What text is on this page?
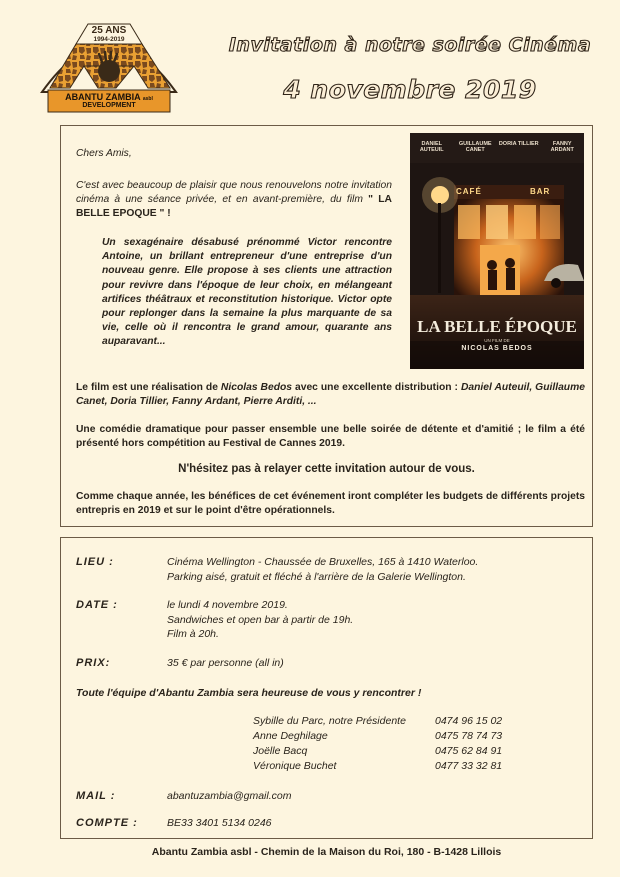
25 ANS
1994-2019
ABANTU ZAMBIA asbl
DEVELOPMENT
Invitation à notre soirée Cinéma
4 novembre 2019
Chers Amis,
C'est avec beaucoup de plaisir que nous renouvelons notre invitation cinéma à une séance privée, et en avant-première, du film " LA BELLE EPOQUE " !
Un sexagénaire désabusé prénommé Victor rencontre Antoine, un brillant entrepreneur d'une entreprise d'un nouveau genre. Elle propose à ses clients une attraction pour revivre dans l'époque de leur choix, en mélangeant artifices théâtraux et reconstitution historique. Victor opte pour replonger dans la semaine la plus marquante de sa vie, celle où il rencontra le grand amour, quarante ans auparavant...
DANIEL AUTEUIL
GUILLAUME CANET
DORIA TILLIER	FANNY ARDANT
CAFÉ	BAR
LA BELLE ÉPOQUE
UN FILM DE
NICOLAS BEDOS
Le film est une réalisation de Nicolas Bedos avec une excellente distribution : Daniel Auteuil, Guillaume Canet, Doria Tillier, Fanny Ardant, Pierre Arditi, ...
Une comédie dramatique pour passer ensemble une belle soirée de détente et d'amitié ; le film a été présenté hors compétition au Festival de Cannes 2019.
N'hésitez pas à relayer cette invitation autour de vous.
Comme chaque année, les bénéfices de cet événement iront compléter les budgets de différents projets entrepris en 2019 et sur le point d'être opérationnels.
LIEU :	Cinéma Wellington - Chaussée de Bruxelles, 165 à 1410 Waterloo.
Parking aisé, gratuit et fléché à l'arrière de la Galerie Wellington.
DATE :	le lundi 4 novembre 2019.
Sandwiches et open bar à partir de 19h.
Film à 20h.
PRIX:	35 € par personne (all in)
Toute l'équipe d'Abantu Zambia sera heureuse de vous y rencontrer !
Sybille du Parc, notre Présidente	0474 96 15 02
Anne Deghilage	0475 78 74 73
Joëlle Bacq	0475 62 84 91
Véronique Buchet	0477 33 32 81
MAIL :	abantuzambia@gmail.com
COMPTE :	BE33 3401 5134 0246
Abantu Zambia asbl - Chemin de la Maison du Roi, 180 - B-1428 Lillois
